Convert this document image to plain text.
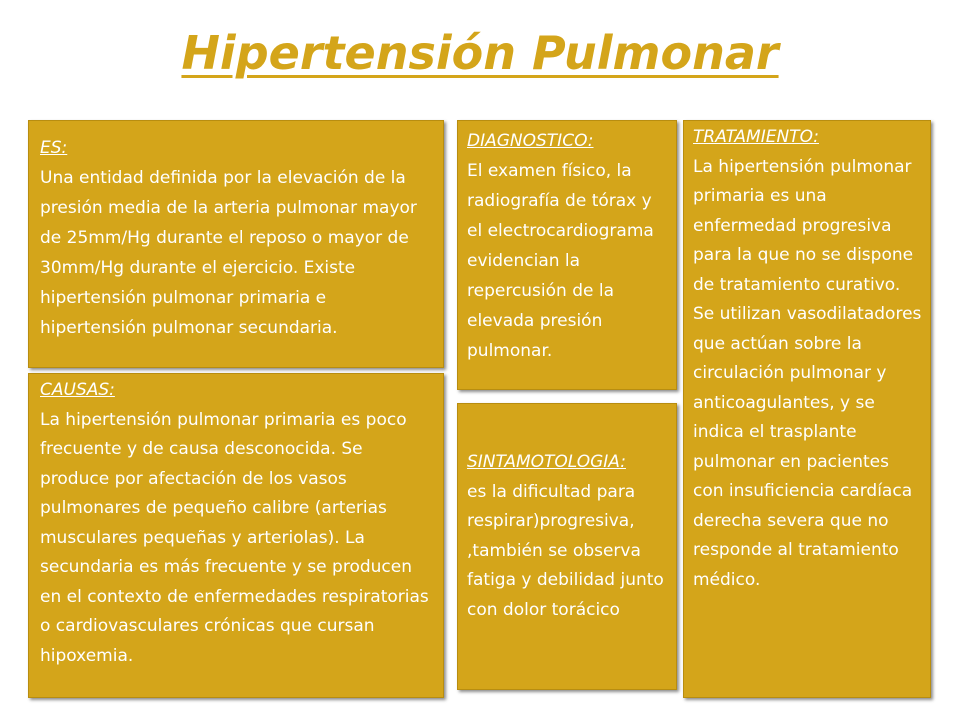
Hipertensión Pulmonar
ES:
Una entidad definida por la elevación de la presión media de la arteria pulmonar mayor de 25mm/Hg durante el reposo o mayor de 30mm/Hg durante el ejercicio. Existe hipertensión pulmonar primaria e hipertensión pulmonar secundaria.
CAUSAS:
La hipertensión pulmonar primaria es poco frecuente y de causa desconocida. Se produce por afectación de los vasos pulmonares de pequeño calibre (arterias musculares pequeñas y arteriolas). La secundaria es más frecuente y se producen en el contexto de enfermedades respiratorias o cardiovasculares crónicas que cursan hipoxemia.
DIAGNOSTICO:
El examen físico, la radiografía de tórax y el electrocardiograma evidencian la repercusión de la elevada presión pulmonar.
SINTAMOTOLOGIA:
es la dificultad para respirar)progresiva, ,también se observa fatiga y debilidad junto con dolor torácico
TRATAMIENTO:
La hipertensión pulmonar primaria es una enfermedad progresiva para la que no se dispone de tratamiento curativo. Se utilizan vasodilatadores que actúan sobre la circulación pulmonar y anticoagulantes, y se indica el trasplante pulmonar en pacientes con insuficiencia cardíaca derecha severa que no responde al tratamiento médico.
